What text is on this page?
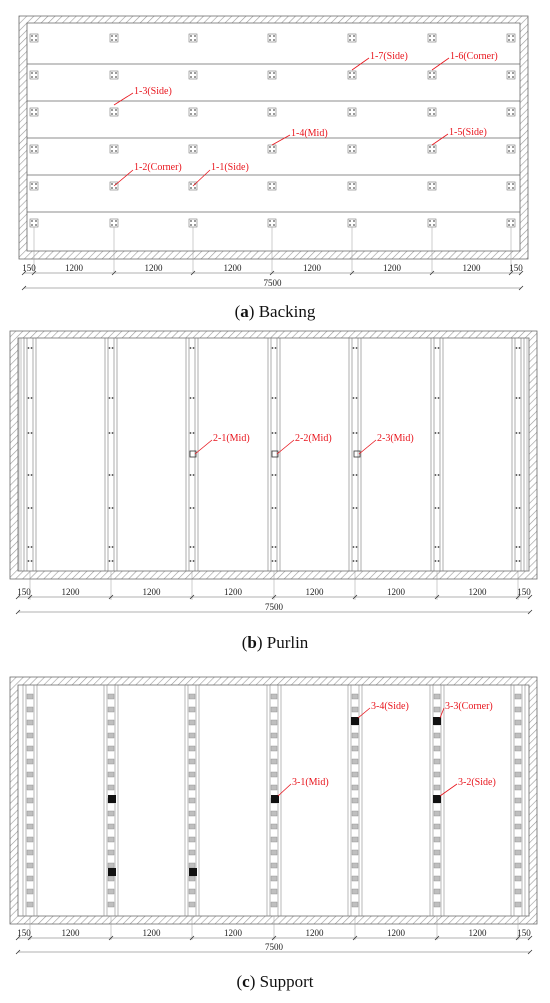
150	1200	1200	1200	1200	1200	1200	150
7500
1-7(Side)	1-6(Corner)
1-3(Side)
1-4(Mid)	1-5(Side)
1-2(Corner)	1-1(Side)
150	1200	1200	1200	1200	1200	1200	150
7500
2-1(Mid)	2-2(Mid)	2-3(Mid)
150	1200	1200	1200	1200	1200	1200	150
7500
3-4(Side)	3-3(Corner)
3-1(Mid)	3-2(Side)
(a) Backing
(b) Purlin
(c) Support
